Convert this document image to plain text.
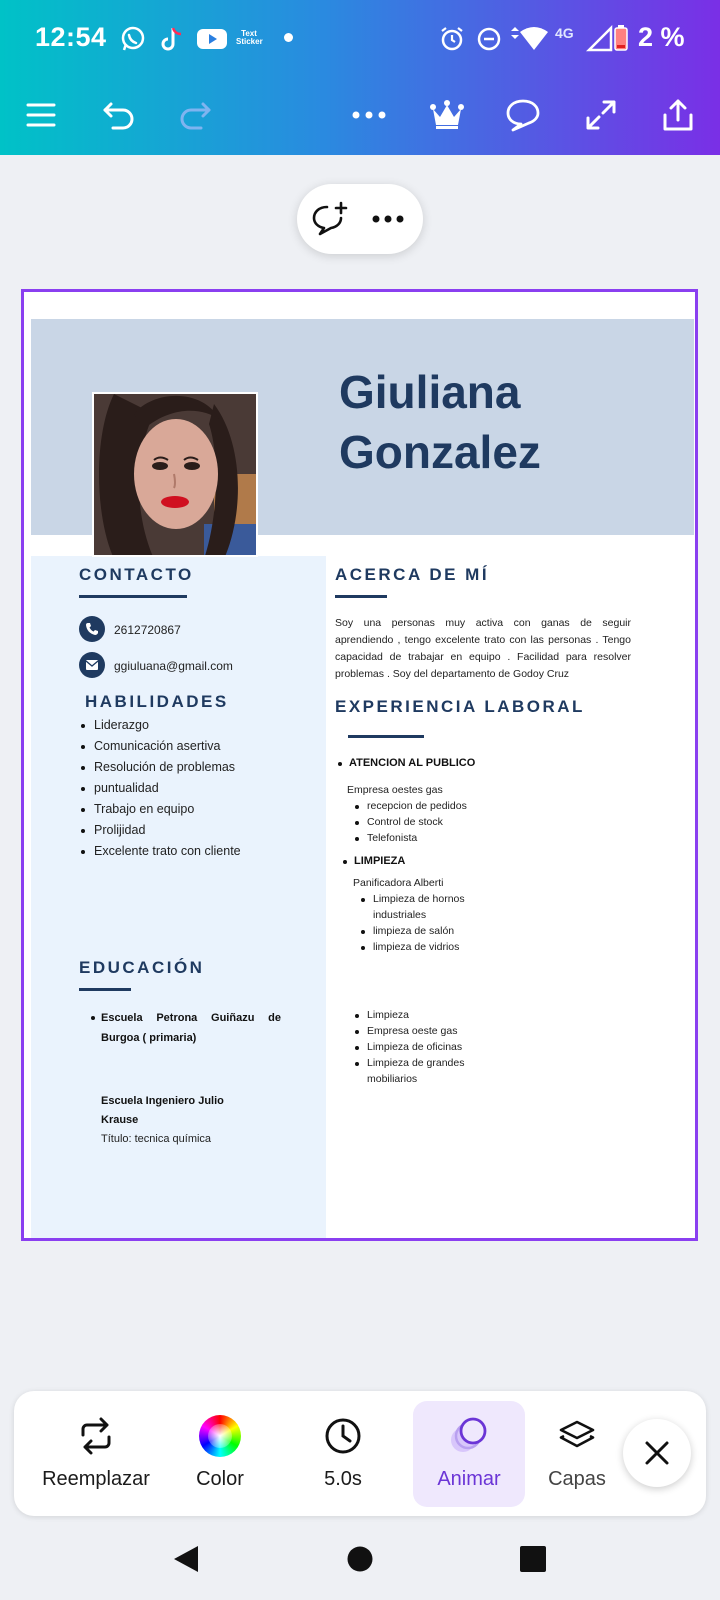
12:54	Text Sticker
4G 2 %
Giuliana
Gonzalez
CONTACTO
2612720867
ggiuluana@gmail.com
HABILIDADES
Liderazgo
Comunicación asertiva
Resolución de problemas
puntualidad
Trabajo en equipo
Prolijidad
Excelente trato con cliente
EDUCACIÓN
Escuela Petrona Guiñazu de Burgoa ( primaria)
Escuela Ingeniero Julio
Krause
Título: tecnica química
ACERCA DE MÍ
Soy una personas muy activa con ganas de seguir aprendiendo , tengo excelente trato con las personas . Tengo capacidad de trabajar en equipo . Facilidad para resolver problemas . Soy del departamento de Godoy Cruz
EXPERIENCIA LABORAL
ATENCION AL PUBLICO
Empresa oestes gas
recepcion de pedidos
Control de stock
Telefonista
LIMPIEZA
Panificadora Alberti
Limpieza de hornos industriales
limpieza de salón
limpieza de vidrios
Limpieza
Empresa oeste gas
Limpieza de oficinas
Limpieza de grandes mobiliarios
Reemplazar	Color	5.0s	Animar	Capas
